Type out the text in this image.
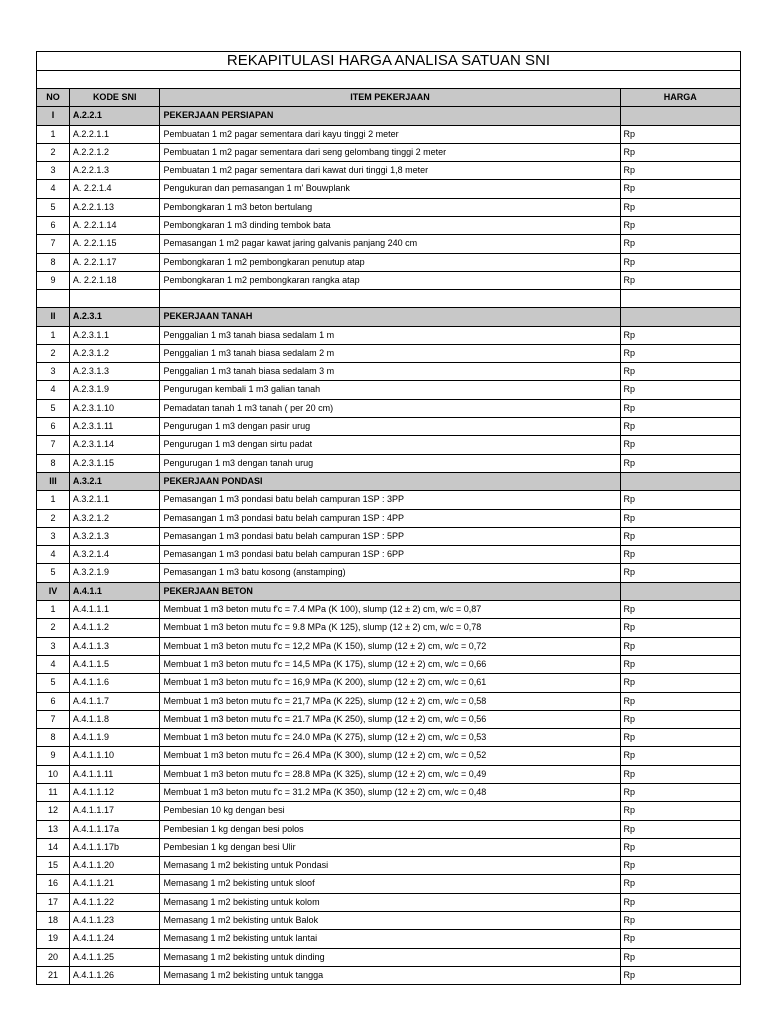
REKAPITULASI HARGA ANALISA SATUAN SNI			

NO	KODE SNI	ITEM PEKERJAAN	HARGA
I	A.2.2.1	PEKERJAAN PERSIAPAN	
1	A.2.2.1.1	Pembuatan 1 m2 pagar sementara dari kayu tinggi 2 meter	Rp
2	A.2.2.1.2	Pembuatan 1 m2 pagar sementara dari seng gelombang tinggi 2 meter	Rp
3	A.2.2.1.3	Pembuatan 1 m2 pagar sementara dari kawat duri tinggi 1,8 meter	Rp
4	A. 2.2.1.4	Pengukuran dan pemasangan 1 m' Bouwplank	Rp
5	A.2.2.1.13	Pembongkaran 1 m3 beton bertulang	Rp
6	A. 2.2.1.14	Pembongkaran 1 m3 dinding tembok bata	Rp
7	A. 2.2.1.15	Pemasangan 1 m2 pagar kawat jaring galvanis panjang 240 cm	Rp
8	A. 2.2.1.17	Pembongkaran 1 m2 pembongkaran penutup atap	Rp
9	A. 2.2.1.18	Pembongkaran 1 m2 pembongkaran rangka atap	Rp

II	A.2.3.1	PEKERJAAN TANAH	
1	A.2.3.1.1	Penggalian 1 m3 tanah biasa sedalam 1 m	Rp
2	A.2.3.1.2	Penggalian 1 m3 tanah biasa sedalam 2 m	Rp
3	A.2.3.1.3	Penggalian 1 m3 tanah biasa sedalam 3 m	Rp
4	A.2.3.1.9	Pengurugan kembali 1 m3 galian tanah	Rp
5	A.2.3.1.10	Pemadatan tanah 1 m3 tanah ( per 20 cm)	Rp
6	A.2.3.1.11	Pengurugan 1 m3 dengan pasir urug	Rp
7	A.2.3.1.14	Pengurugan 1 m3 dengan sirtu padat	Rp
8	A.2.3.1.15	Pengurugan 1 m3 dengan tanah urug	Rp
III	A.3.2.1	PEKERJAAN PONDASI	
1	A.3.2.1.1	Pemasangan 1 m3 pondasi batu belah campuran 1SP : 3PP	Rp
2	A.3.2.1.2	Pemasangan 1 m3 pondasi batu belah campuran 1SP : 4PP	Rp
3	A.3.2.1.3	Pemasangan 1 m3 pondasi batu belah campuran 1SP : 5PP	Rp
4	A.3.2.1.4	Pemasangan 1 m3 pondasi batu belah campuran 1SP : 6PP	Rp
5	A.3.2.1.9	Pemasangan 1 m3 batu kosong (anstamping)	Rp
IV	A.4.1.1	PEKERJAAN BETON	
1	A.4.1.1.1	Membuat 1 m3 beton mutu f'c = 7.4 MPa (K 100), slump (12 ± 2) cm, w/c = 0,87	Rp
2	A.4.1.1.2	Membuat 1 m3 beton mutu f'c = 9.8 MPa (K 125), slump (12 ± 2) cm, w/c = 0,78	Rp
3	A.4.1.1.3	Membuat 1 m3 beton mutu f'c = 12,2 MPa (K 150), slump (12 ± 2) cm, w/c = 0,72	Rp
4	A.4.1.1.5	Membuat 1 m3 beton mutu f'c = 14,5 MPa (K 175), slump (12 ± 2) cm, w/c = 0,66	Rp
5	A.4.1.1.6	Membuat 1 m3 beton mutu f'c = 16,9 MPa (K 200), slump (12 ± 2) cm, w/c = 0,61	Rp
6	A.4.1.1.7	Membuat 1 m3 beton mutu f'c = 21,7 MPa (K 225), slump (12 ± 2) cm, w/c = 0,58	Rp
7	A.4.1.1.8	Membuat 1 m3 beton mutu f'c = 21.7 MPa (K 250), slump (12 ± 2) cm, w/c = 0,56	Rp
8	A.4.1.1.9	Membuat 1 m3 beton mutu f'c = 24.0 MPa (K 275), slump (12 ± 2) cm, w/c = 0,53	Rp
9	A.4.1.1.10	Membuat 1 m3 beton mutu f'c = 26.4 MPa (K 300), slump (12 ± 2) cm, w/c = 0,52	Rp
10	A.4.1.1.11	Membuat 1 m3 beton mutu f'c = 28.8 MPa (K 325), slump (12 ± 2) cm, w/c = 0,49	Rp
11	A.4.1.1.12	Membuat 1 m3 beton mutu f'c = 31.2 MPa (K 350), slump (12 ± 2) cm, w/c = 0,48	Rp
12	A.4.1.1.17	Pembesian 10 kg dengan besi	Rp
13	A.4.1.1.17a	Pembesian 1 kg dengan besi polos	Rp
14	A.4.1.1.17b	Pembesian 1 kg dengan besi Ulir	Rp
15	A.4.1.1.20	Memasang 1 m2 bekisting untuk Pondasi	Rp
16	A.4.1.1.21	Memasang 1 m2 bekisting untuk sloof	Rp
17	A.4.1.1.22	Memasang 1 m2 bekisting untuk kolom	Rp
18	A.4.1.1.23	Memasang 1 m2 bekisting untuk Balok	Rp
19	A.4.1.1.24	Memasang 1 m2 bekisting untuk lantai	Rp
20	A.4.1.1.25	Memasang 1 m2 bekisting untuk dinding	Rp
21	A.4.1.1.26	Memasang 1 m2 bekisting untuk tangga	Rp
